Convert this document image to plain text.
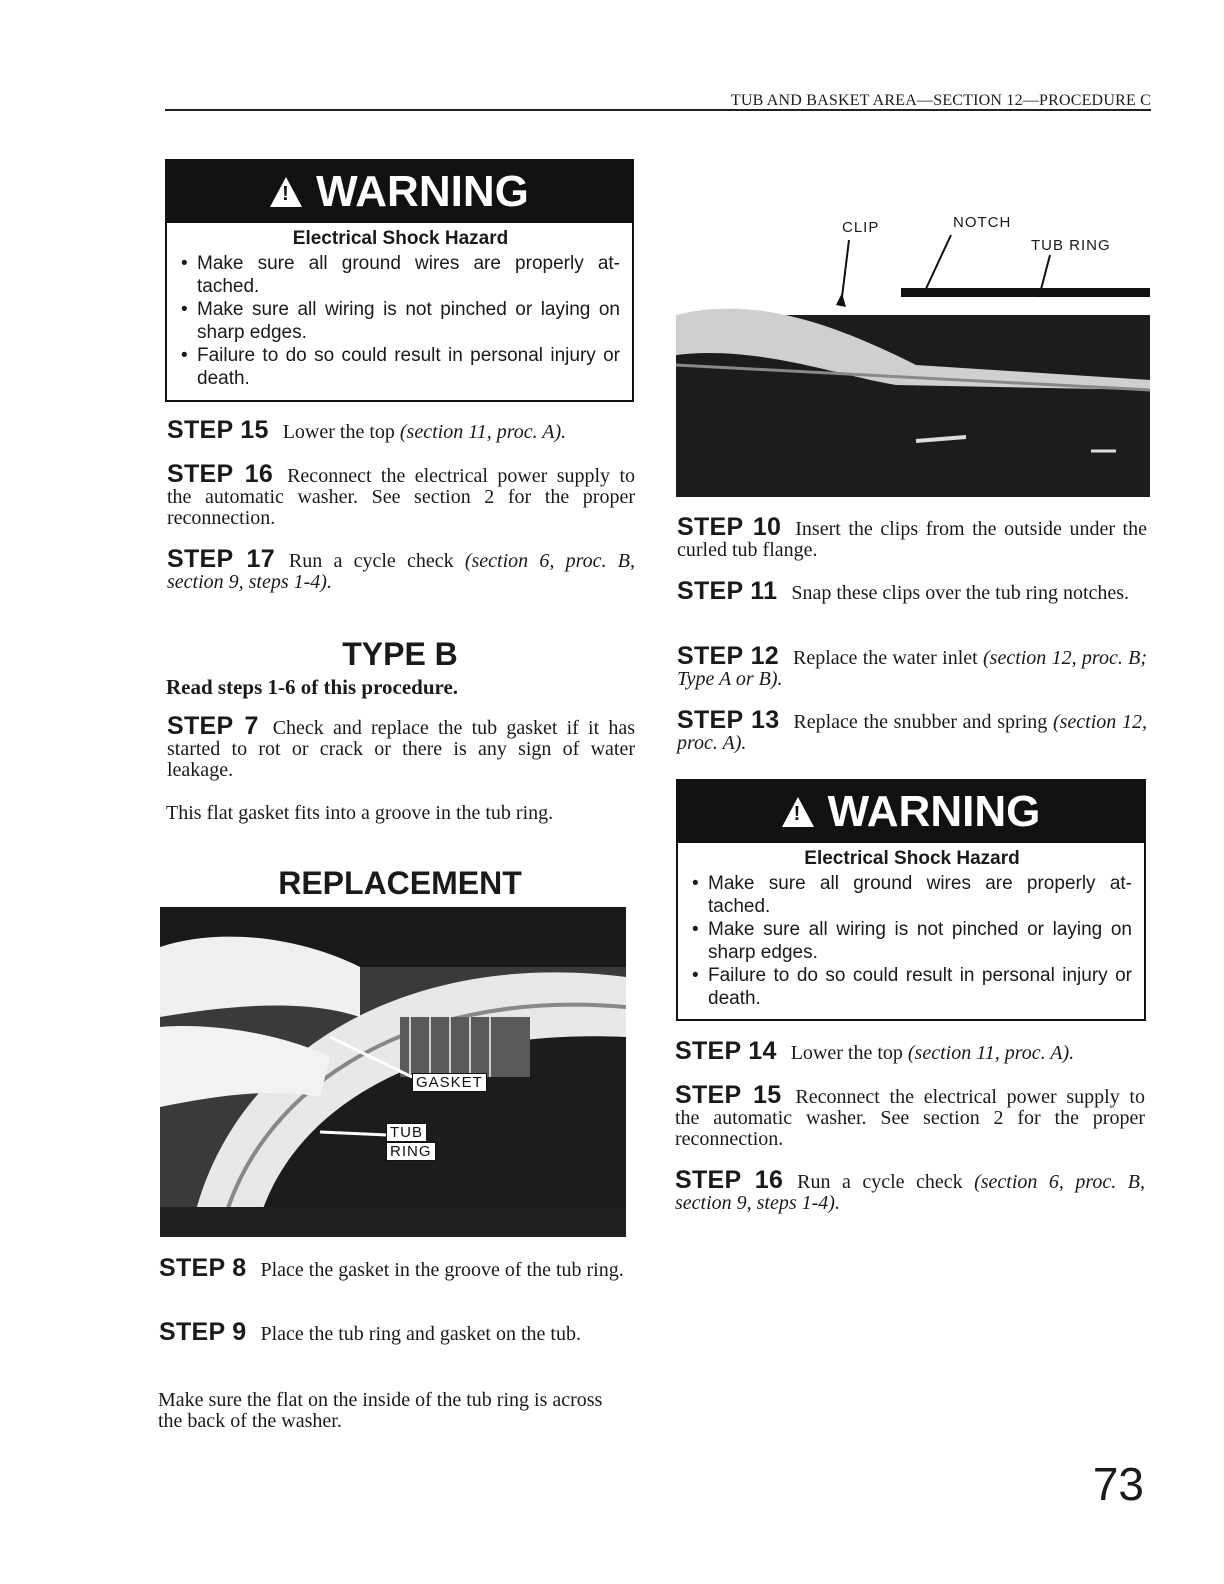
TUB AND BASKET AREA—SECTION 12—PROCEDURE C
!
WARNING
Electrical Shock Hazard
• Make sure all ground wires are properly at- tached.
• Make sure all wiring is not pinched or laying on sharp edges.
• Failure to do so could result in personal injury or death.
STEP 15 Lower the top (section 11, proc. A).
STEP 16 Reconnect the electrical power supply to the automatic washer. See section 2 for the proper reconnection.
STEP 17 Run a cycle check (section 6, proc. B, section 9, steps 1-4).
TYPE B
Read steps 1-6 of this procedure.
STEP 7 Check and replace the tub gasket if it has started to rot or crack or there is any sign of water leakage.
This flat gasket fits into a groove in the tub ring.
REPLACEMENT
GASKET
TUB
RING
STEP 8 Place the gasket in the groove of the tub ring.
STEP 9 Place the tub ring and gasket on the tub.
Make sure the flat on the inside of the tub ring is across the back of the washer.
CLIP	NOTCH
TUB RING
STEP 10 Insert the clips from the outside under the curled tub flange.
STEP 11 Snap these clips over the tub ring notches.
STEP 12 Replace the water inlet (section 12, proc. B; Type A or B).
STEP 13 Replace the snubber and spring (section 12, proc. A).
!
WARNING
Electrical Shock Hazard
• Make sure all ground wires are properly at- tached.
• Make sure all wiring is not pinched or laying on sharp edges.
• Failure to do so could result in personal injury or death.
STEP 14 Lower the top (section 11, proc. A).
STEP 15 Reconnect the electrical power supply to the automatic washer. See section 2 for the proper reconnection.
STEP 16 Run a cycle check (section 6, proc. B, section 9, steps 1-4).
73
